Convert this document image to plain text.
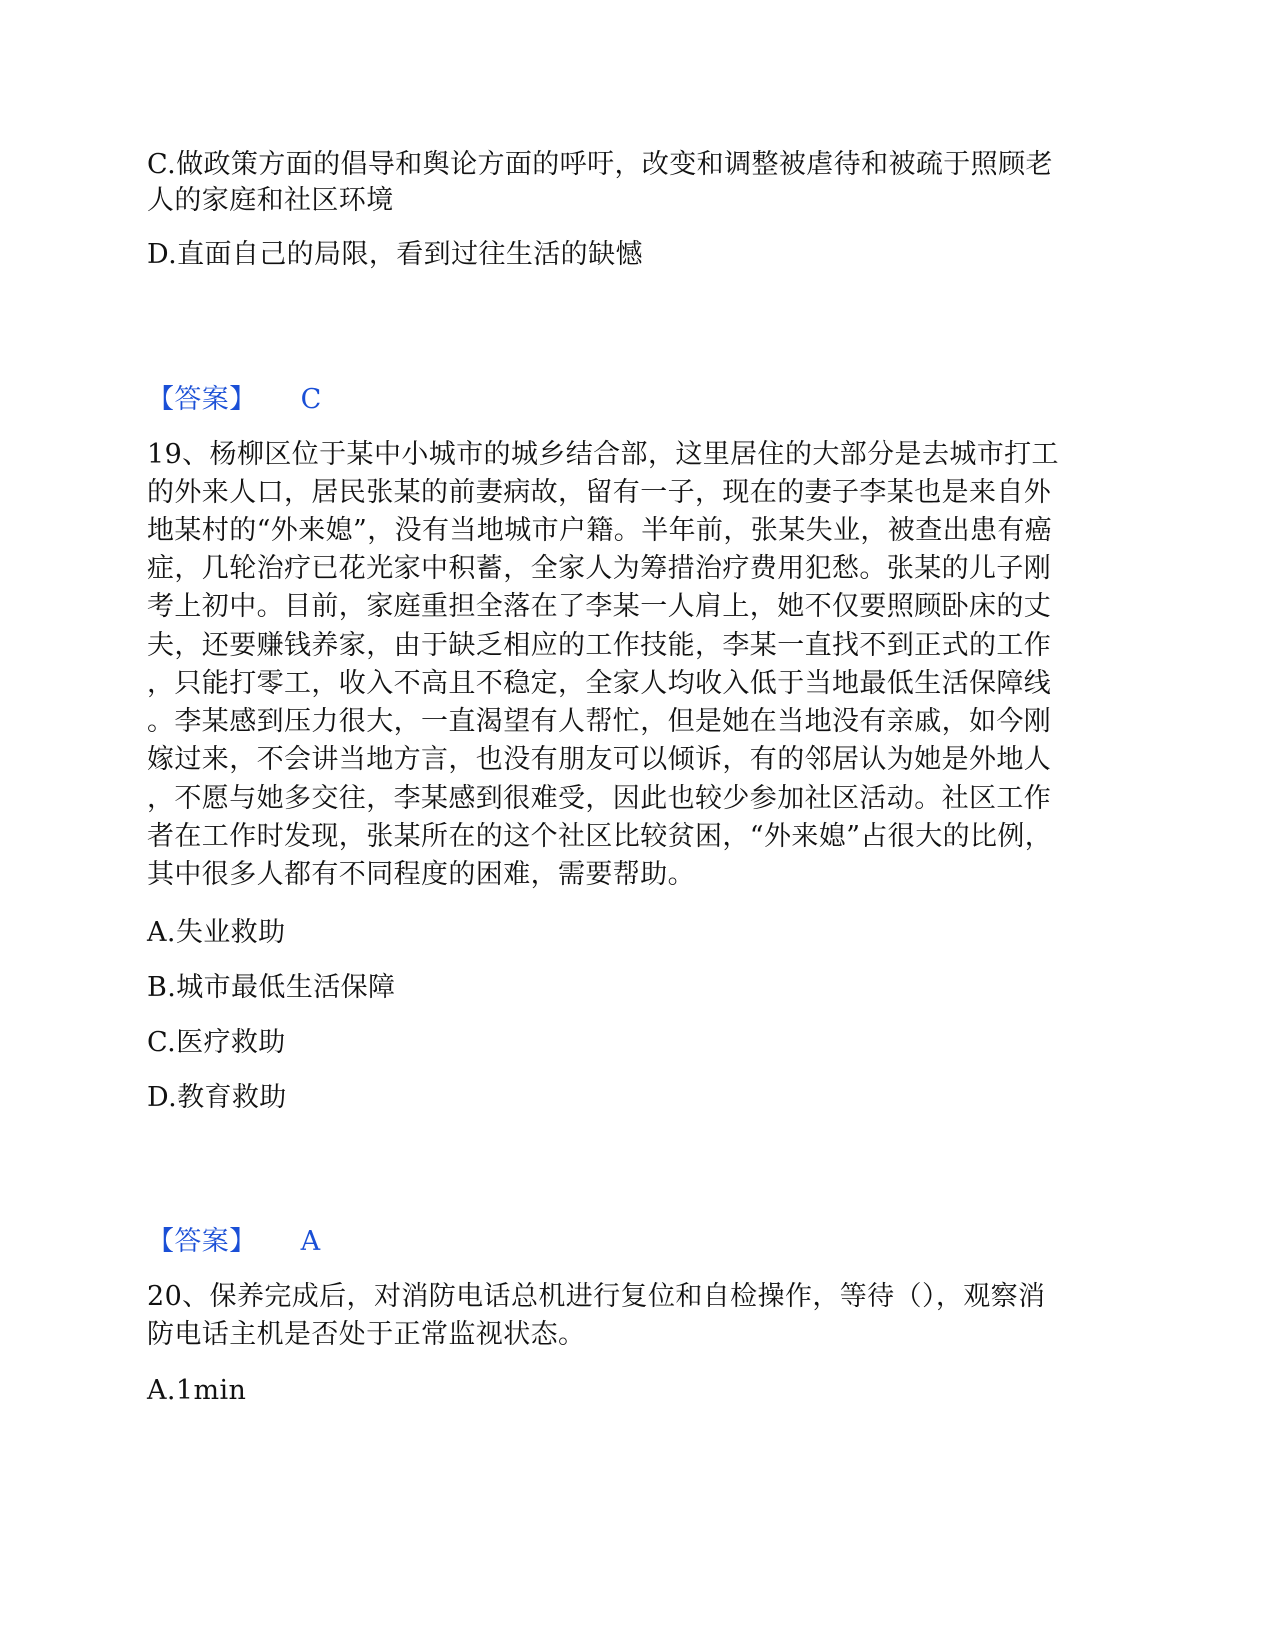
C.做政策方面的倡导和舆论方面的呼吁，改变和调整被虐待和被疏于照顾老
人的家庭和社区环境
D.直面自己的局限，看到过往生活的缺憾
【答案】 C
19、杨柳区位于某中小城市的城乡结合部，这里居住的大部分是去城市打工
的外来人口，居民张某的前妻病故，留有一子，现在的妻子李某也是来自外
地某村的“外来媳”，没有当地城市户籍。半年前，张某失业，被查出患有癌
症，几轮治疗已花光家中积蓄，全家人为筹措治疗费用犯愁。张某的儿子刚
考上初中。目前，家庭重担全落在了李某一人肩上，她不仅要照顾卧床的丈
夫，还要赚钱养家，由于缺乏相应的工作技能，李某一直找不到正式的工作
，只能打零工，收入不高且不稳定，全家人均收入低于当地最低生活保障线
。李某感到压力很大，一直渴望有人帮忙，但是她在当地没有亲戚，如今刚
嫁过来，不会讲当地方言，也没有朋友可以倾诉，有的邻居认为她是外地人
，不愿与她多交往，李某感到很难受，因此也较少参加社区活动。社区工作
者在工作时发现，张某所在的这个社区比较贫困，“外来媳”占很大的比例，
其中很多人都有不同程度的困难，需要帮助。
A.失业救助
B.城市最低生活保障
C.医疗救助
D.教育救助
【答案】 A
20、保养完成后，对消防电话总机进行复位和自检操作，等待（），观察消
防电话主机是否处于正常监视状态。
A.1min
